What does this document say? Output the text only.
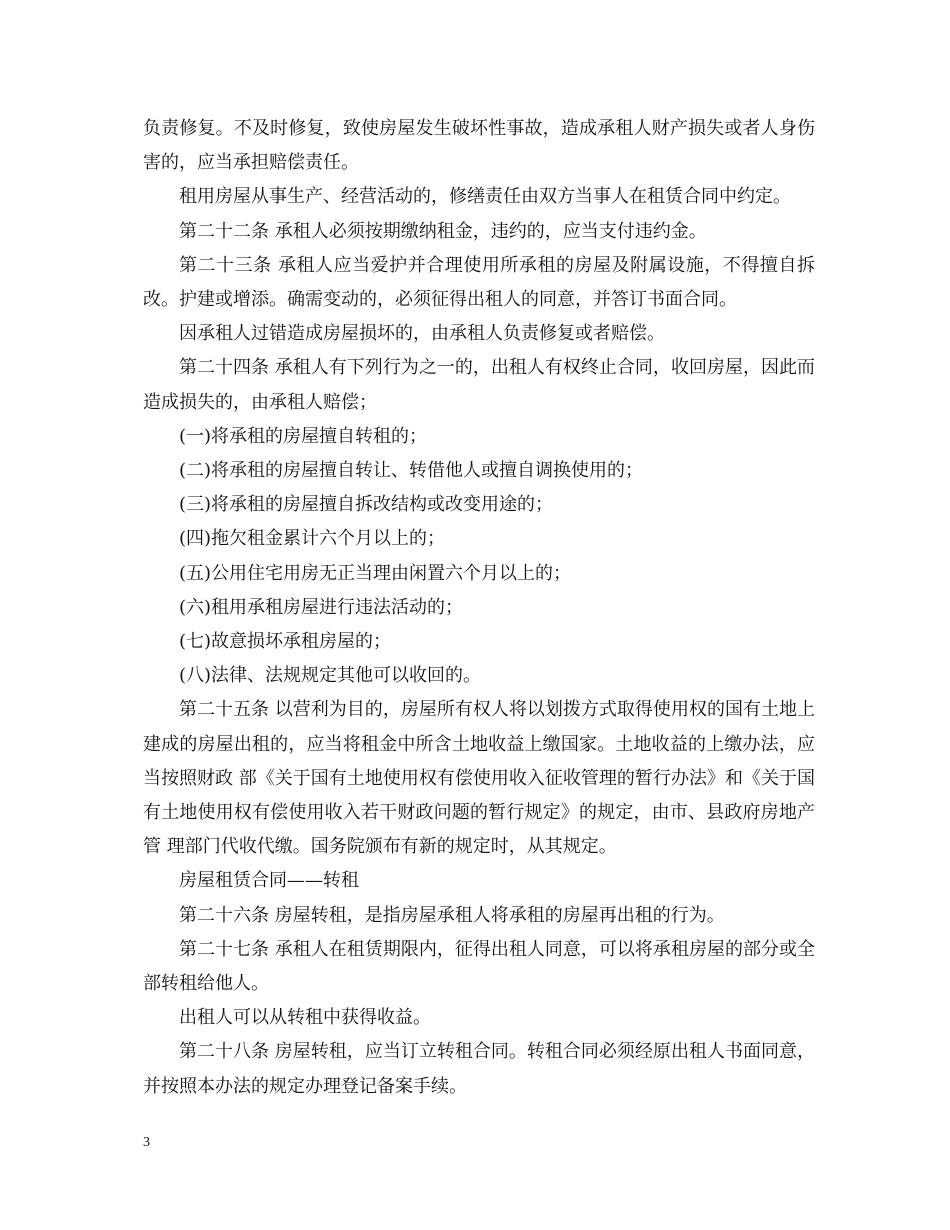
负责修复。不及时修复，致使房屋发生破坏性事故，造成承租人财产损失或者人身伤害的，应当承担赔偿责任。

租用房屋从事生产、经营活动的，修缮责任由双方当事人在租赁合同中约定。

第二十二条 承租人必须按期缴纳租金，违约的，应当支付违约金。

第二十三条 承租人应当爱护并合理使用所承租的房屋及附属设施，不得擅自拆改。护建或增添。确需变动的，必须征得出租人的同意，并答订书面合同。

因承租人过错造成房屋损坏的，由承租人负责修复或者赔偿。

第二十四条 承租人有下列行为之一的，出租人有权终止合同，收回房屋，因此而造成损失的，由承租人赔偿；

(一)将承租的房屋擅自转租的；

(二)将承租的房屋擅自转让、转借他人或擅自调换使用的；

(三)将承租的房屋擅自拆改结构或改变用途的；

(四)拖欠租金累计六个月以上的；

(五)公用住宅用房无正当理由闲置六个月以上的；

(六)租用承租房屋进行违法活动的；

(七)故意损坏承租房屋的；

(八)法律、法规规定其他可以收回的。

第二十五条 以营利为目的，房屋所有权人将以划拨方式取得使用权的国有土地上建成的房屋出租的，应当将租金中所含土地收益上缴国家。土地收益的上缴办法，应当按照财政 部《关于国有土地使用权有偿使用收入征收管理的暂行办法》和《关于国有土地使用权有偿使用收入若干财政问题的暂行规定》的规定，由市、县政府房地产管 理部门代收代缴。国务院颁布有新的规定时，从其规定。

房屋租赁合同——转租

第二十六条 房屋转租，是指房屋承租人将承租的房屋再出租的行为。

第二十七条 承租人在租赁期限内，征得出租人同意，可以将承租房屋的部分或全部转租给他人。

出租人可以从转租中获得收益。

第二十八条 房屋转租，应当订立转租合同。转租合同必须经原出租人书面同意，并按照本办法的规定办理登记备案手续。

3
